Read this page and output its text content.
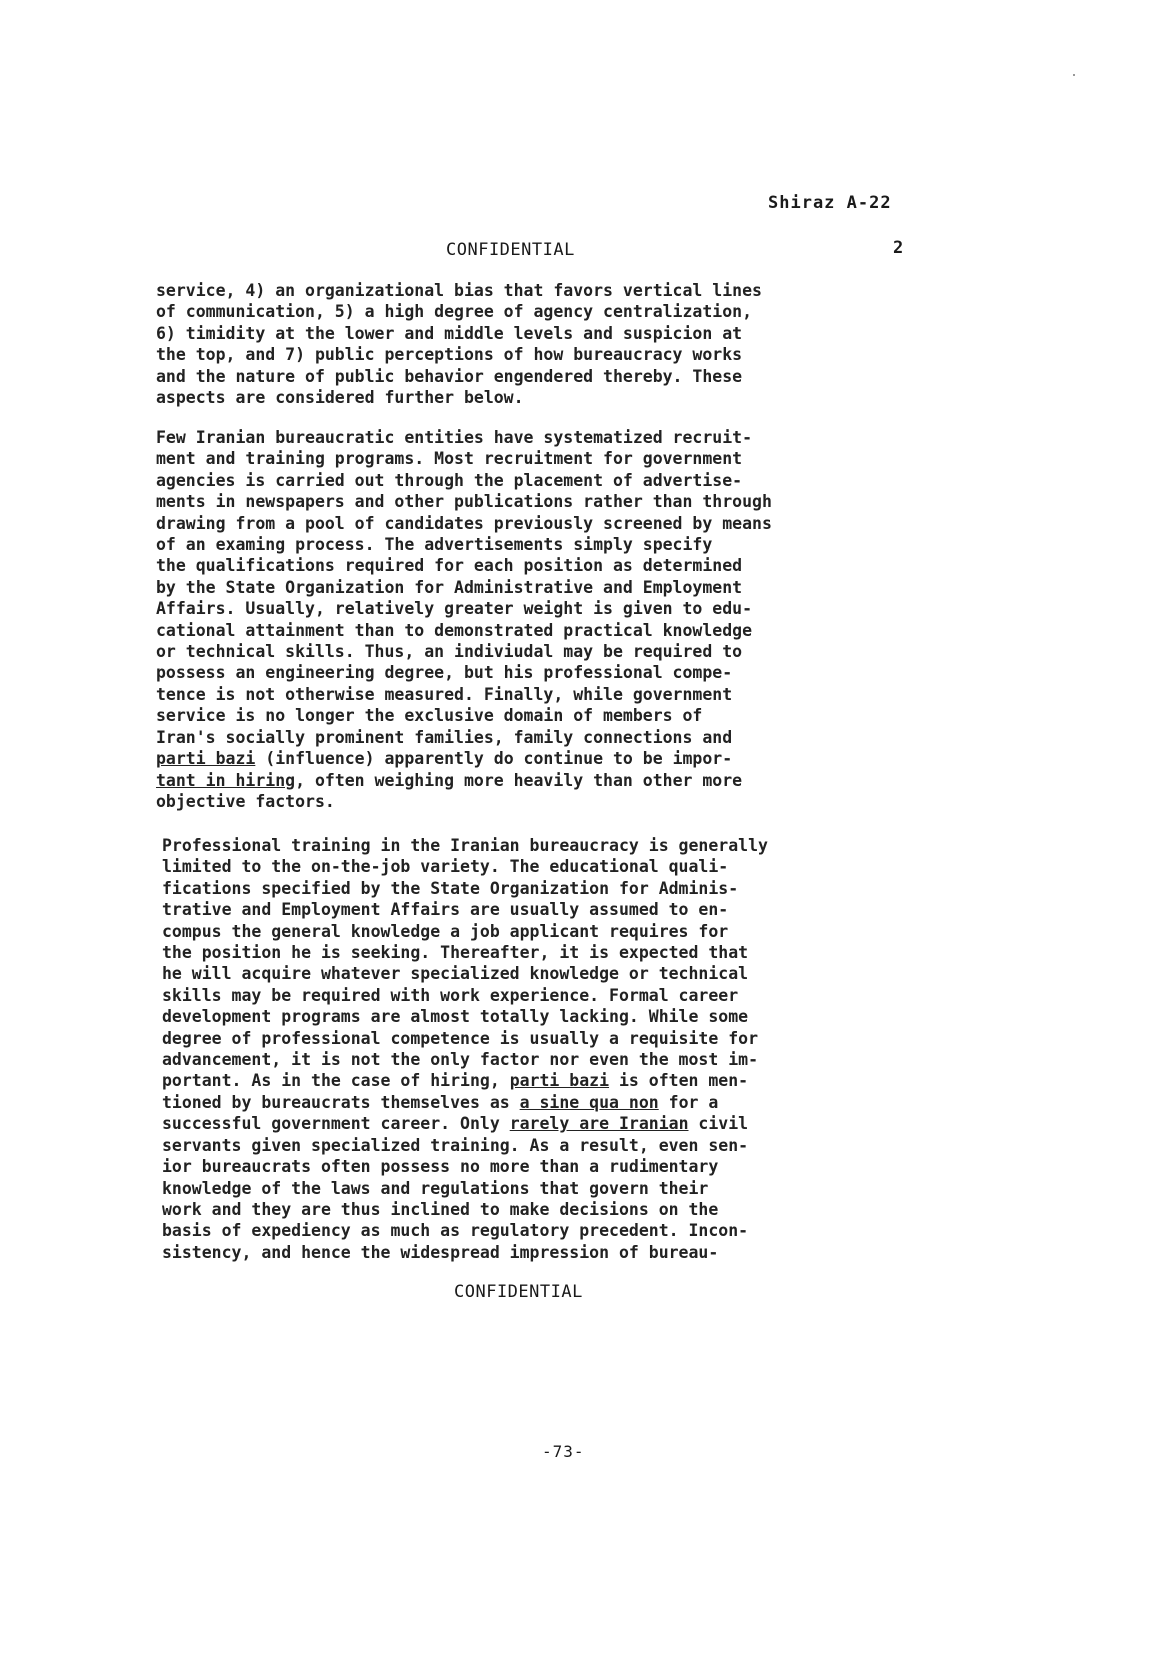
Shiraz A-22
CONFIDENTIAL	2
service, 4) an organizational bias that favors vertical lines
of communication, 5) a high degree of agency centralization,
6) timidity at the lower and middle levels and suspicion at
the top, and 7) public perceptions of how bureaucracy works
and the nature of public behavior engendered thereby. These
aspects are considered further below.
Few Iranian bureaucratic entities have systematized recruit-
ment and training programs. Most recruitment for government
agencies is carried out through the placement of advertise-
ments in newspapers and other publications rather than through
drawing from a pool of candidates previously screened by means
of an examing process. The advertisements simply specify
the qualifications required for each position as determined
by the State Organization for Administrative and Employment
Affairs. Usually, relatively greater weight is given to edu-
cational attainment than to demonstrated practical knowledge
or technical skills. Thus, an indiviudal may be required to
possess an engineering degree, but his professional compe-
tence is not otherwise measured. Finally, while government
service is no longer the exclusive domain of members of
Iran's socially prominent families, family connections and
parti bazi (influence) apparently do continue to be impor-
tant in hiring, often weighing more heavily than other more
objective factors.
Professional training in the Iranian bureaucracy is generally
limited to the on-the-job variety. The educational quali-
fications specified by the State Organization for Adminis-
trative and Employment Affairs are usually assumed to en-
compus the general knowledge a job applicant requires for
the position he is seeking. Thereafter, it is expected that
he will acquire whatever specialized knowledge or technical
skills may be required with work experience. Formal career
development programs are almost totally lacking. While some
degree of professional competence is usually a requisite for
advancement, it is not the only factor nor even the most im-
portant. As in the case of hiring, parti bazi is often men-
tioned by bureaucrats themselves as a sine qua non for a
successful government career. Only rarely are Iranian civil
servants given specialized training. As a result, even sen-
ior bureaucrats often possess no more than a rudimentary
knowledge of the laws and regulations that govern their
work and they are thus inclined to make decisions on the
basis of expediency as much as regulatory precedent. Incon-
sistency, and hence the widespread impression of bureau-
CONFIDENTIAL
-73-
